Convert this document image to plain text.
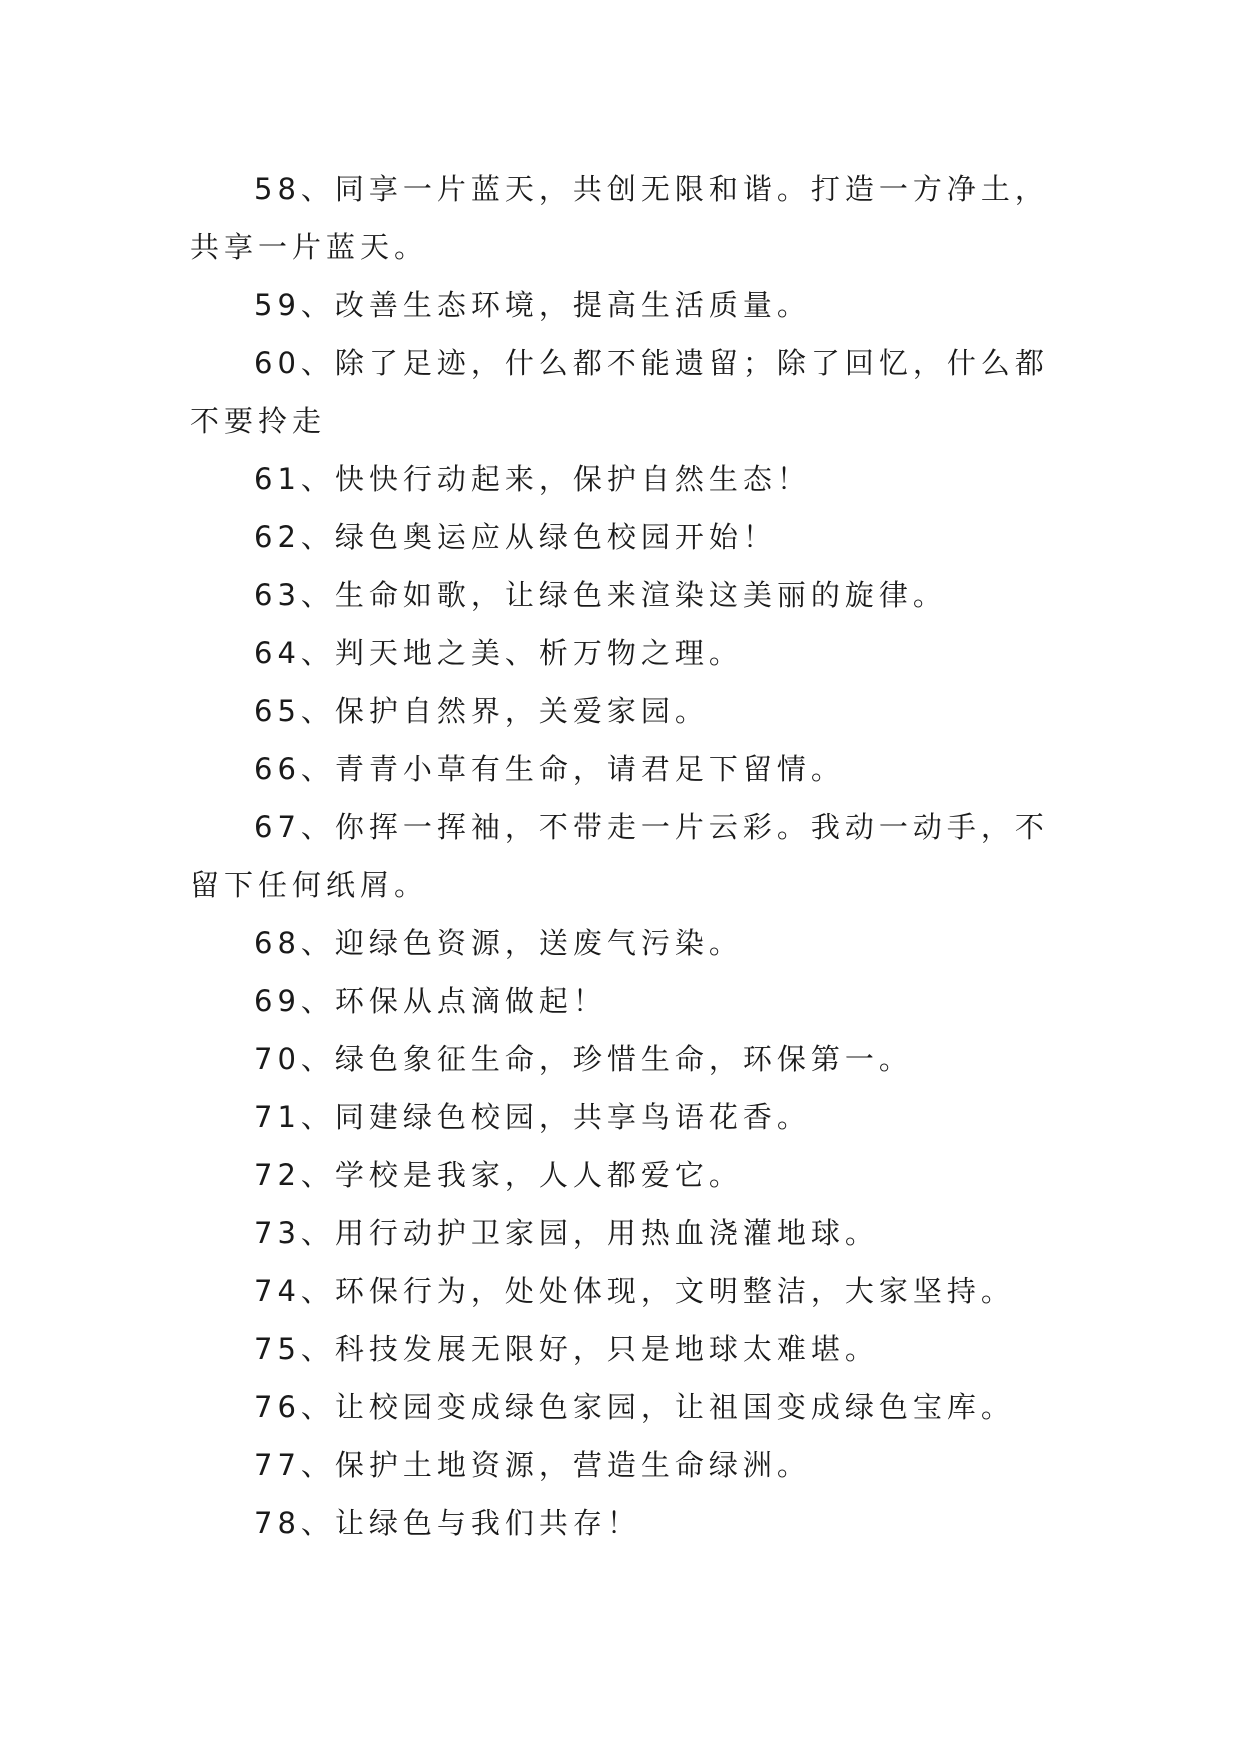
58、同享一片蓝天，共创无限和谐。打造一方净土，共享一片蓝天。

59、改善生态环境，提高生活质量。

60、除了足迹，什么都不能遗留；除了回忆，什么都不要拎走

61、快快行动起来，保护自然生态！

62、绿色奥运应从绿色校园开始！

63、生命如歌，让绿色来渲染这美丽的旋律。

64、判天地之美、析万物之理。

65、保护自然界，关爱家园。

66、青青小草有生命，请君足下留情。

67、你挥一挥袖，不带走一片云彩。我动一动手，不留下任何纸屑。

68、迎绿色资源，送废气污染。

69、环保从点滴做起！

70、绿色象征生命，珍惜生命，环保第一。

71、同建绿色校园，共享鸟语花香。

72、学校是我家，人人都爱它。

73、用行动护卫家园，用热血浇灌地球。

74、环保行为，处处体现，文明整洁，大家坚持。

75、科技发展无限好，只是地球太难堪。

76、让校园变成绿色家园，让祖国变成绿色宝库。

77、保护土地资源，营造生命绿洲。

78、让绿色与我们共存！
